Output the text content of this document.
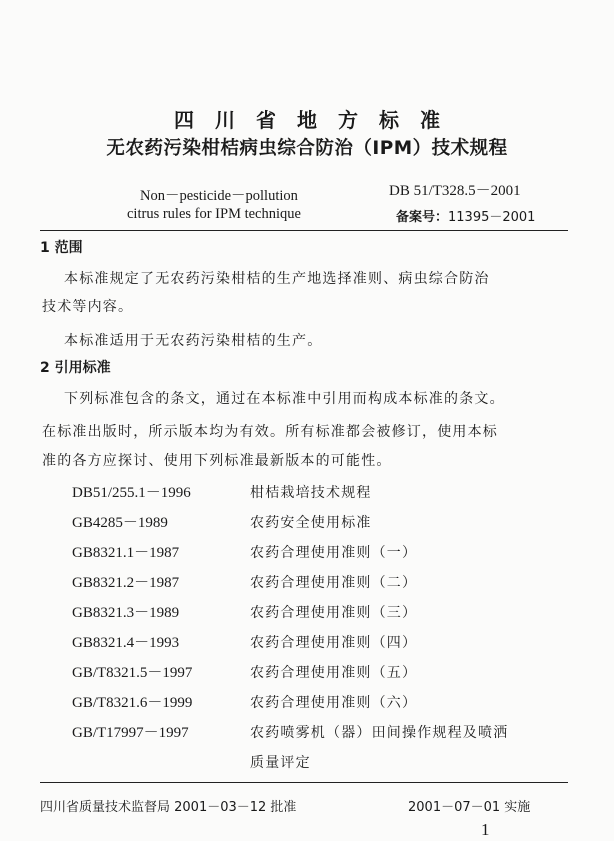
四川省地方标准
无农药污染柑桔病虫综合防治（IPM）技术规程
Non－pesticide－pollution
citrus rules for IPM technique
DB 51/T328.5－2001
备案号：11395－2001
1 范围
本标准规定了无农药污染柑桔的生产地选择准则、病虫综合防治
技术等内容。
本标准适用于无农药污染柑桔的生产。
2 引用标准
下列标准包含的条文，通过在本标准中引用而构成本标准的条文。
在标准出版时，所示版本均为有效。所有标准都会被修订，使用本标
准的各方应探讨、使用下列标准最新版本的可能性。
DB51/255.1－1996	柑桔栽培技术规程
GB4285－1989	农药安全使用标准
GB8321.1－1987	农药合理使用准则（一）
GB8321.2－1987	农药合理使用准则（二）
GB8321.3－1989	农药合理使用准则（三）
GB8321.4－1993	农药合理使用准则（四）
GB/T8321.5－1997	农药合理使用准则（五）
GB/T8321.6－1999	农药合理使用准则（六）
GB/T17997－1997	农药喷雾机（器）田间操作规程及喷洒
质量评定
四川省质量技术监督局 2001－03－12 批准	2001－07－01 实施
1
